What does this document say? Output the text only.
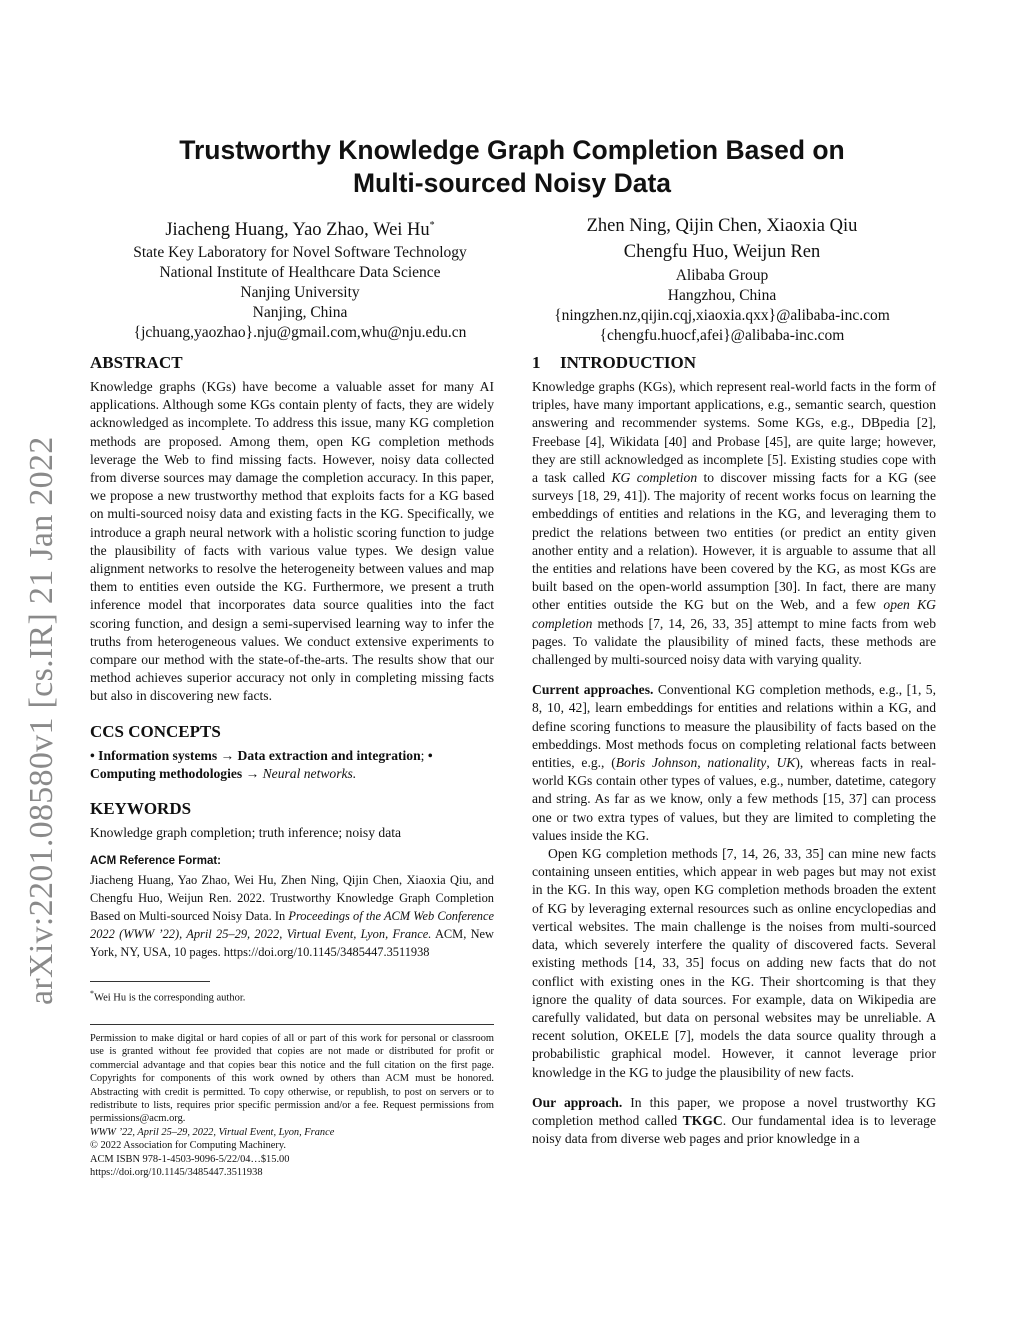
arXiv:2201.08580v1 [cs.IR] 21 Jan 2022
Trustworthy Knowledge Graph Completion Based on
Multi-sourced Noisy Data
Jiacheng Huang, Yao Zhao, Wei Hu*
State Key Laboratory for Novel Software Technology
National Institute of Healthcare Data Science
Nanjing University
Nanjing, China
{jchuang,yaozhao}.nju@gmail.com,whu@nju.edu.cn
Zhen Ning, Qijin Chen, Xiaoxia Qiu
Chengfu Huo, Weijun Ren
Alibaba Group
Hangzhou, China
{ningzhen.nz,qijin.cqj,xiaoxia.qxx}@alibaba-inc.com
{chengfu.huocf,afei}@alibaba-inc.com
ABSTRACT

Knowledge graphs (KGs) have become a valuable asset for many AI applications. Although some KGs contain plenty of facts, they are widely acknowledged as incomplete. To address this issue, many KG completion methods are proposed. Among them, open KG completion methods leverage the Web to find missing facts. However, noisy data collected from diverse sources may damage the completion accuracy. In this paper, we propose a new trustworthy method that exploits facts for a KG based on multi-sourced noisy data and existing facts in the KG. Specifically, we introduce a graph neural network with a holistic scoring function to judge the plausibility of facts with various value types. We design value alignment networks to resolve the heterogeneity between values and map them to entities even outside the KG. Furthermore, we present a truth inference model that incorporates data source qualities into the fact scoring function, and design a semi-supervised learning way to infer the truths from heterogeneous values. We conduct extensive experiments to compare our method with the state-of-the-arts. The results show that our method achieves superior accuracy not only in completing missing facts but also in discovering new facts.

CCS CONCEPTS

• Information systems → Data extraction and integration; •
Computing methodologies → Neural networks.

KEYWORDS

Knowledge graph completion; truth inference; noisy data

ACM Reference Format:

Jiacheng Huang, Yao Zhao, Wei Hu, Zhen Ning, Qijin Chen, Xiaoxia Qiu, and Chengfu Huo, Weijun Ren. 2022. Trustworthy Knowledge Graph Completion Based on Multi-sourced Noisy Data. In Proceedings of the ACM Web Conference 2022 (WWW ’22), April 25–29, 2022, Virtual Event, Lyon, France. ACM, New York, NY, USA, 10 pages. https://doi.org/10.1145/3485447.3511938

*Wei Hu is the corresponding author.
Permission to make digital or hard copies of all or part of this work for personal or classroom use is granted without fee provided that copies are not made or distributed for profit or commercial advantage and that copies bear this notice and the full citation on the first page. Copyrights for components of this work owned by others than ACM must be honored. Abstracting with credit is permitted. To copy otherwise, or republish, to post on servers or to redistribute to lists, requires prior specific permission and/or a fee. Request permissions from permissions@acm.org.
WWW ’22, April 25–29, 2022, Virtual Event, Lyon, France
© 2022 Association for Computing Machinery.
ACM ISBN 978-1-4503-9096-5/22/04…$15.00
https://doi.org/10.1145/3485447.3511938
1 INTRODUCTION

Knowledge graphs (KGs), which represent real-world facts in the form of triples, have many important applications, e.g., semantic search, question answering and recommender systems. Some KGs, e.g., DBpedia [2], Freebase [4], Wikidata [40] and Probase [45], are quite large; however, they are still acknowledged as incomplete [5]. Existing studies cope with a task called KG completion to discover missing facts for a KG (see surveys [18, 29, 41]). The majority of recent works focus on learning the embeddings of entities and relations in the KG, and leveraging them to predict the relations between two entities (or predict an entity given another entity and a relation). However, it is arguable to assume that all the entities and relations have been covered by the KG, as most KGs are built based on the open-world assumption [30]. In fact, there are many other entities outside the KG but on the Web, and a few open KG completion methods [7, 14, 26, 33, 35] attempt to mine facts from web pages. To validate the plausibility of mined facts, these methods are challenged by multi-sourced noisy data with varying quality.

Current approaches. Conventional KG completion methods, e.g., [1, 5, 8, 10, 42], learn embeddings for entities and relations within a KG, and define scoring functions to measure the plausibility of facts based on the embeddings. Most methods focus on completing relational facts between entities, e.g., (Boris Johnson, nationality, UK), whereas facts in real-world KGs contain other types of values, e.g., number, datetime, category and string. As far as we know, only a few methods [15, 37] can process one or two extra types of values, but they are limited to completing the values inside the KG.

Open KG completion methods [7, 14, 26, 33, 35] can mine new facts containing unseen entities, which appear in web pages but may not exist in the KG. In this way, open KG completion methods broaden the extent of KG by leveraging external resources such as online encyclopedias and vertical websites. The main challenge is the noises from multi-sourced data, which severely interfere the quality of discovered facts. Several existing methods [14, 33, 35] focus on adding new facts that do not conflict with existing ones in the KG. Their shortcoming is that they ignore the quality of data sources. For example, data on Wikipedia are carefully validated, but data on personal websites may be unreliable. A recent solution, OKELE [7], models the data source quality through a probabilistic graphical model. However, it cannot leverage prior knowledge in the KG to judge the plausibility of new facts.

Our approach. In this paper, we propose a novel trustworthy KG completion method called TKGC. Our fundamental idea is to leverage noisy data from diverse web pages and prior knowledge in a
